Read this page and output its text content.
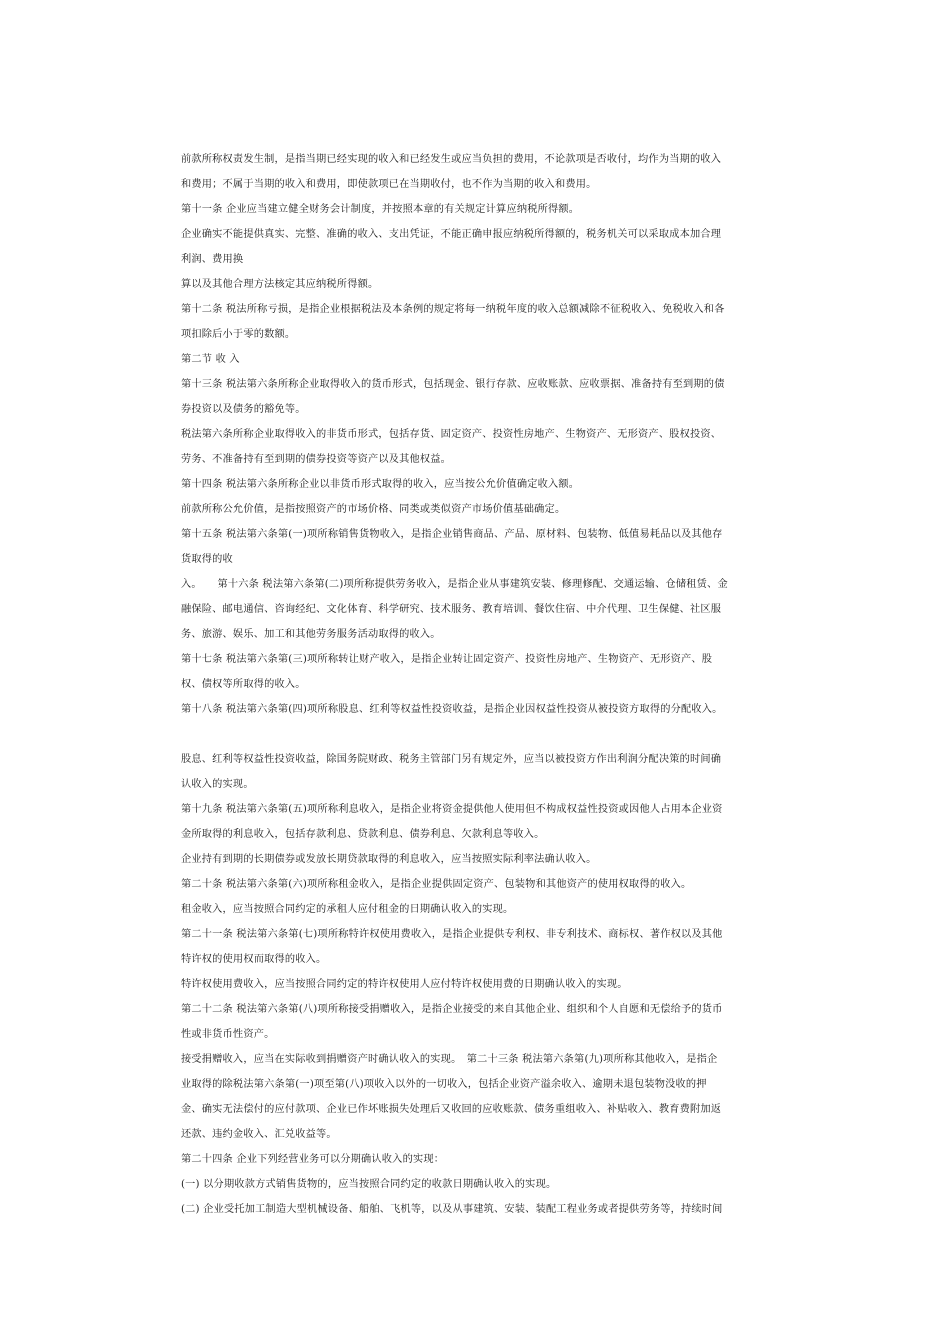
前款所称权责发生制，是指当期已经实现的收入和已经发生或应当负担的费用，不论款项是否收付，均作为当期的收入
和费用；不属于当期的收入和费用，即使款项已在当期收付，也不作为当期的收入和费用。
第十一条 企业应当建立健全财务会计制度，并按照本章的有关规定计算应纳税所得额。
企业确实不能提供真实、完整、准确的收入、支出凭证，不能正确申报应纳税所得额的，税务机关可以采取成本加合理
利润、费用换
算以及其他合理方法核定其应纳税所得额。
第十二条 税法所称亏损，是指企业根据税法及本条例的规定将每一纳税年度的收入总额减除不征税收入、免税收入和各
项扣除后小于零的数额。
第二节 收 入
第十三条 税法第六条所称企业取得收入的货币形式，包括现金、银行存款、应收账款、应收票据、准备持有至到期的债
券投资以及债务的豁免等。
税法第六条所称企业取得收入的非货币形式，包括存货、固定资产、投资性房地产、生物资产、无形资产、股权投资、
劳务、不准备持有至到期的债券投资等资产以及其他权益。
第十四条 税法第六条所称企业以非货币形式取得的收入，应当按公允价值确定收入额。
前款所称公允价值，是指按照资产的市场价格、同类或类似资产市场价值基础确定。
第十五条 税法第六条第(一)项所称销售货物收入，是指企业销售商品、产品、原材料、包装物、低值易耗品以及其他存
货取得的收
入。　　第十六条 税法第六条第(二)项所称提供劳务收入，是指企业从事建筑安装、修理修配、交通运输、仓储租赁、金
融保险、邮电通信、咨询经纪、文化体育、科学研究、技术服务、教育培训、餐饮住宿、中介代理、卫生保健、社区服
务、旅游、娱乐、加工和其他劳务服务活动取得的收入。
第十七条 税法第六条第(三)项所称转让财产收入，是指企业转让固定资产、投资性房地产、生物资产、无形资产、股
权、债权等所取得的收入。
第十八条 税法第六条第(四)项所称股息、红利等权益性投资收益，是指企业因权益性投资从被投资方取得的分配收入。
股息、红利等权益性投资收益，除国务院财政、税务主管部门另有规定外，应当以被投资方作出利润分配决策的时间确
认收入的实现。
第十九条 税法第六条第(五)项所称利息收入，是指企业将资金提供他人使用但不构成权益性投资或因他人占用本企业资
金所取得的利息收入，包括存款利息、贷款利息、债券利息、欠款利息等收入。
企业持有到期的长期债券或发放长期贷款取得的利息收入，应当按照实际利率法确认收入。
第二十条 税法第六条第(六)项所称租金收入，是指企业提供固定资产、包装物和其他资产的使用权取得的收入。
租金收入，应当按照合同约定的承租人应付租金的日期确认收入的实现。
第二十一条 税法第六条第(七)项所称特许权使用费收入，是指企业提供专利权、非专利技术、商标权、著作权以及其他
特许权的使用权而取得的收入。
特许权使用费收入，应当按照合同约定的特许权使用人应付特许权使用费的日期确认收入的实现。
第二十二条 税法第六条第(八)项所称接受捐赠收入，是指企业接受的来自其他企业、组织和个人自愿和无偿给予的货币
性或非货币性资产。
接受捐赠收入，应当在实际收到捐赠资产时确认收入的实现。　第二十三条 税法第六条第(九)项所称其他收入，是指企
业取得的除税法第六条第(一)项至第(八)项收入以外的一切收入，包括企业资产溢余收入、逾期未退包装物没收的押
金、确实无法偿付的应付款项、企业已作坏账损失处理后又收回的应收账款、债务重组收入、补贴收入、教育费附加返
还款、违约金收入、汇兑收益等。
第二十四条 企业下列经营业务可以分期确认收入的实现：
(一) 以分期收款方式销售货物的，应当按照合同约定的收款日期确认收入的实现。
(二) 企业受托加工制造大型机械设备、船舶、飞机等，以及从事建筑、安装、装配工程业务或者提供劳务等，持续时间
